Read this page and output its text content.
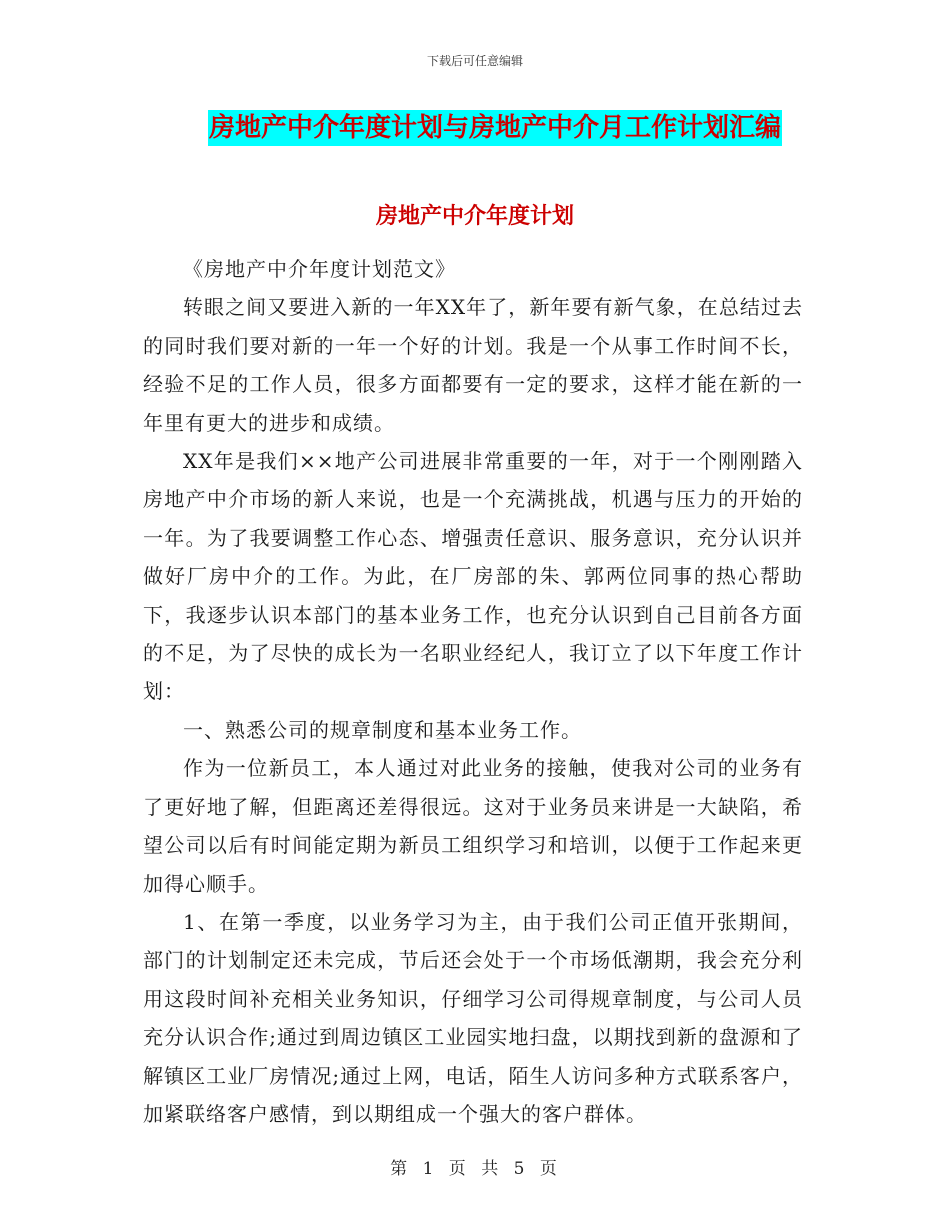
下载后可任意编辑
房地产中介年度计划与房地产中介月工作计划汇编
房地产中介年度计划

《房地产中介年度计划范文》

转眼之间又要进入新的一年XX年了，新年要有新气象，在总结过去的同时我们要对新的一年一个好的计划。我是一个从事工作时间不长，经验不足的工作人员，很多方面都要有一定的要求，这样才能在新的一年里有更大的进步和成绩。

XX年是我们××地产公司进展非常重要的一年，对于一个刚刚踏入房地产中介市场的新人来说，也是一个充满挑战，机遇与压力的开始的一年。为了我要调整工作心态、增强责任意识、服务意识，充分认识并做好厂房中介的工作。为此，在厂房部的朱、郭两位同事的热心帮助下，我逐步认识本部门的基本业务工作，也充分认识到自己目前各方面的不足，为了尽快的成长为一名职业经纪人，我订立了以下年度工作计划：

一、熟悉公司的规章制度和基本业务工作。

作为一位新员工，本人通过对此业务的接触，使我对公司的业务有了更好地了解，但距离还差得很远。这对于业务员来讲是一大缺陷，希望公司以后有时间能定期为新员工组织学习和培训，以便于工作起来更加得心顺手。

1、在第一季度，以业务学习为主，由于我们公司正值开张期间，部门的计划制定还未完成，节后还会处于一个市场低潮期，我会充分利用这段时间补充相关业务知识，仔细学习公司得规章制度，与公司人员充分认识合作;通过到周边镇区工业园实地扫盘，以期找到新的盘源和了解镇区工业厂房情况;通过上网，电话，陌生人访问多种方式联系客户，加紧联络客户感情，到以期组成一个强大的客户群体。

第 1 页 共 5 页
